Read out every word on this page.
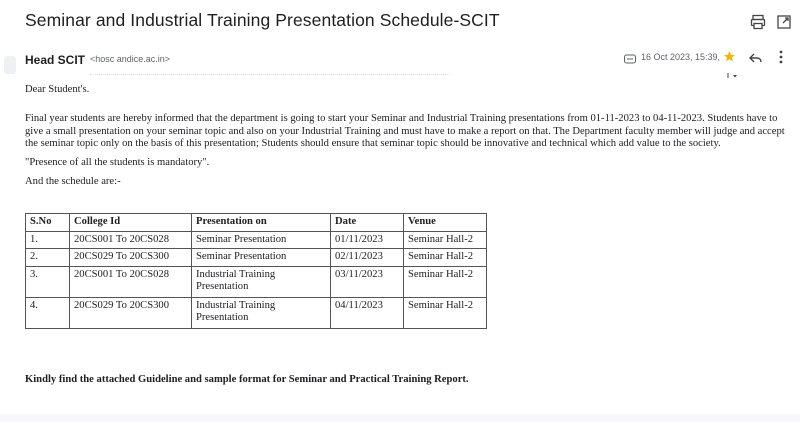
Seminar and Industrial Training Presentation Schedule-SCIT
Head SCIT <hosc andice.ac.in>	16 Oct 2023, 15:39,
Dear Student's.
Final year students are hereby informed that the department is going to start your Seminar and Industrial Training presentations from 01-11-2023 to 04-11-2023. Students have to give a small presentation on your seminar topic and also on your Industrial Training and must have to make a report on that. The Department faculty member will judge and accept the seminar topic only on the basis of this presentation; Students should ensure that seminar topic should be innovative and technical which add value to the society.
"Presence of all the students is mandatory".
And the schedule are:-
S.No	College Id	Presentation on	Date	Venue
1.	20CS001 To 20CS028	Seminar Presentation	01/11/2023	Seminar Hall-2
2.	20CS029 To 20CS300	Seminar Presentation	02/11/2023	Seminar Hall-2
3.	20CS001 To 20CS028	Industrial Training Presentation	03/11/2023	Seminar Hall-2
4.	20CS029 To 20CS300	Industrial Training Presentation	04/11/2023	Seminar Hall-2
Kindly find the attached Guideline and sample format for Seminar and Practical Training Report.
